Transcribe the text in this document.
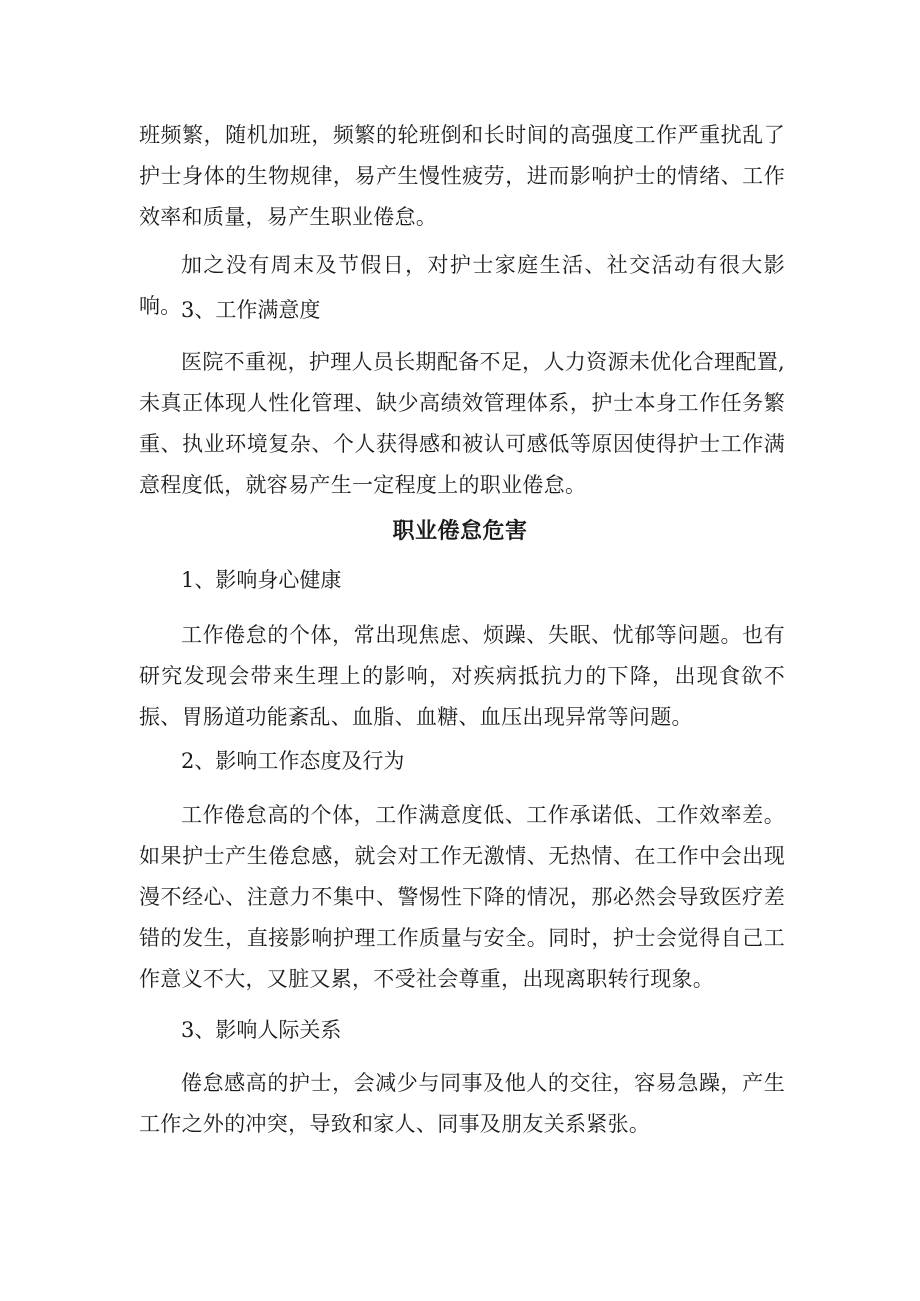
班频繁，随机加班，频繁的轮班倒和长时间的高强度工作严重扰乱了护士身体的生物规律，易产生慢性疲劳，进而影响护士的情绪、工作效率和质量，易产生职业倦怠。

加之没有周末及节假日，对护士家庭生活、社交活动有很大影响。 3、工作满意度

医院不重视，护理人员长期配备不足，人力资源未优化合理配置,未真正体现人性化管理、缺少高绩效管理体系，护士本身工作任务繁重、执业环境复杂、个人获得感和被认可感低等原因使得护士工作满意程度低，就容易产生一定程度上的职业倦怠。

职业倦怠危害

1、影响身心健康

工作倦怠的个体，常出现焦虑、烦躁、失眠、忧郁等问题。也有研究发现会带来生理上的影响，对疾病抵抗力的下降，出现食欲不振、胃肠道功能紊乱、血脂、血糖、血压出现异常等问题。

2、影响工作态度及行为

工作倦怠高的个体，工作满意度低、工作承诺低、工作效率差。如果护士产生倦怠感，就会对工作无激情、无热情、在工作中会出现漫不经心、注意力不集中、警惕性下降的情况，那必然会导致医疗差错的发生，直接影响护理工作质量与安全。同时，护士会觉得自己工作意义不大，又脏又累，不受社会尊重，出现离职转行现象。

3、影响人际关系

倦怠感高的护士，会减少与同事及他人的交往，容易急躁，产生工作之外的冲突，导致和家人、同事及朋友关系紧张。
